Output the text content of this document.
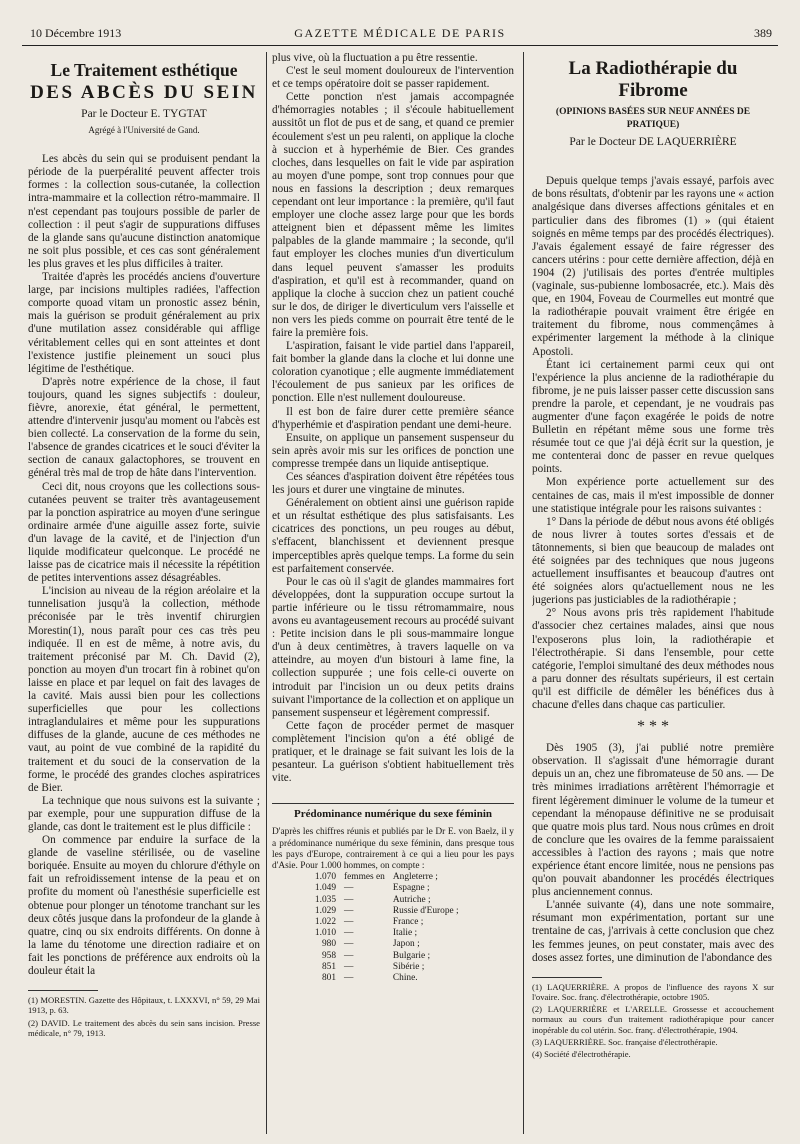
10 Décembre 1913	GAZETTE MÉDICALE DE PARIS	389
Le Traitement esthétique
DES ABCÈS DU SEIN
Par le Docteur E. TYGTAT
Agrégé à l'Université de Gand.

Les abcès du sein qui se produisent pendant la période de la puerpéralité peuvent affecter trois formes : la collection sous-cutanée, la collection intra-mammaire et la collection rétro-mammaire. Il n'est cependant pas toujours possible de parler de collection : il peut s'agir de suppurations diffuses de la glande sans qu'aucune distinction anatomique ne soit plus possible, et ces cas sont généralement les plus graves et les plus difficiles à traiter.

Traitée d'après les procédés anciens d'ouverture large, par incisions multiples radiées, l'affection comporte quoad vitam un pronostic assez bénin, mais la guérison se produit généralement au prix d'une mutilation assez considérable qui afflige véritablement celles qui en sont atteintes et dont l'existence justifie pleinement un souci plus légitime de l'esthétique.

D'après notre expérience de la chose, il faut toujours, quand les signes subjectifs : douleur, fièvre, anorexie, état général, le permettent, attendre d'intervenir jusqu'au moment ou l'abcès est bien collecté. La conservation de la forme du sein, l'absence de grandes cicatrices et le souci d'éviter la section de canaux galactophores, se trouvent en général très mal de trop de hâte dans l'intervention.

Ceci dit, nous croyons que les collections sous-cutanées peuvent se traiter très avantageusement par la ponction aspiratrice au moyen d'une seringue ordinaire armée d'une aiguille assez forte, suivie d'un lavage de la cavité, et de l'injection d'un liquide modificateur quelconque. Le procédé ne laisse pas de cicatrice mais il nécessite la répétition de petites interventions assez désagréables.

L'incision au niveau de la région aréolaire et la tunnelisation jusqu'à la collection, méthode préconisée par le très inventif chirurgien Morestin(1), nous paraît pour ces cas très peu indiquée. Il en est de même, à notre avis, du traitement préconisé par M. Ch. David (2), ponction au moyen d'un trocart fin à robinet qu'on laisse en place et par lequel on fait des lavages de la cavité. Mais aussi bien pour les collections superficielles que pour les collections intraglandulaires et même pour les suppurations diffuses de la glande, aucune de ces méthodes ne vaut, au point de vue combiné de la rapidité du traitement et du souci de la conservation de la forme, le procédé des grandes cloches aspiratrices de Bier.

La technique que nous suivons est la suivante ; par exemple, pour une suppuration diffuse de la glande, cas dont le traitement est le plus difficile :

On commence par enduire la surface de la glande de vaseline stérilisée, ou de vaseline boriquée. Ensuite au moyen du chlorure d'éthyle on fait un refroidissement intense de la peau et on profite du moment où l'anesthésie superficielle est obtenue pour plonger un ténotome tranchant sur les deux côtés jusque dans la profondeur de la glande à quatre, cinq ou six endroits différents. On donne à la lame du ténotome une direction radiaire et on fait les ponctions de préférence aux endroits où la douleur était la

(1) MORESTIN. Gazette des Hôpitaux, t. LXXXVI, n° 59, 29 Mai 1913, p. 63.
(2) DAVID. Le traitement des abcès du sein sans incision. Presse médicale, n° 79, 1913.

plus vive, où la fluctuation a pu être ressentie.

C'est le seul moment douloureux de l'intervention et ce temps opératoire doit se passer rapidement.

Cette ponction n'est jamais accompagnée d'hémorragies notables ; il s'écoule habituellement aussitôt un flot de pus et de sang, et quand ce premier écoulement s'est un peu ralenti, on applique la cloche à succion et à hyperhémie de Bier. Ces grandes cloches, dans lesquelles on fait le vide par aspiration au moyen d'une pompe, sont trop connues pour que nous en fassions la description ; deux remarques cependant ont leur importance : la première, qu'il faut employer une cloche assez large pour que les bords atteignent bien et dépassent même les limites palpables de la glande mammaire ; la seconde, qu'il faut employer les cloches munies d'un diverticulum dans lequel peuvent s'amasser les produits d'aspiration, et qu'il est à recommander, quand on applique la cloche à succion chez un patient couché sur le dos, de diriger le diverticulum vers l'aisselle et non vers les pieds comme on pourrait être tenté de le faire la première fois.

L'aspiration, faisant le vide partiel dans l'appareil, fait bomber la glande dans la cloche et lui donne une coloration cyanotique ; elle augmente immédiatement l'écoulement de pus sanieux par les orifices de ponction. Elle n'est nullement douloureuse.

Il est bon de faire durer cette première séance d'hyperhémie et d'aspiration pendant une demi-heure.

Ensuite, on applique un pansement suspenseur du sein après avoir mis sur les orifices de ponction une compresse trempée dans un liquide antiseptique.

Ces séances d'aspiration doivent être répétées tous les jours et durer une vingtaine de minutes.

Généralement on obtient ainsi une guérison rapide et un résultat esthétique des plus satisfaisants. Les cicatrices des ponctions, un peu rouges au début, s'effacent, blanchissent et deviennent presque imperceptibles après quelque temps. La forme du sein est parfaitement conservée.

Pour le cas où il s'agit de glandes mammaires fort développées, dont la suppuration occupe surtout la partie inférieure ou le tissu rétromammaire, nous avons eu avantageusement recours au procédé suivant : Petite incision dans le pli sous-mammaire longue d'un à deux centimètres, à travers laquelle on va atteindre, au moyen d'un bistouri à lame fine, la collection suppurée ; une fois celle-ci ouverte on introduit par l'incision un ou deux petits drains suivant l'importance de la collection et on applique un pansement suspenseur et légèrement compressif.

Cette façon de procéder permet de masquer complètement l'incision qu'on a été obligé de pratiquer, et le drainage se fait suivant les lois de la pesanteur. La guérison s'obtient habituellement très vite.

Prédominance numérique du sexe féminin
D'après les chiffres réunis et publiés par le Dr E. von Baelz, il y a prédominance numérique du sexe féminin, dans presque tous les pays d'Europe, contrairement à ce qui a lieu pour les pays d'Asie. Pour 1.000 hommes, on compte :
1.070	femmes en	Angleterre ;
1.049	—	Espagne ;
1.035	—	Autriche ;
1.029	—	Russie d'Europe ;
1.022	—	France ;
1.010	—	Italie ;
980	—	Japon ;
958	—	Bulgarie ;
851	—	Sibérie ;
801	—	Chine.
La Radiothérapie du Fibrome
(OPINIONS BASÉES SUR NEUF ANNÉES DE PRATIQUE)
Par le Docteur DE LAQUERRIÈRE

Depuis quelque temps j'avais essayé, parfois avec de bons résultats, d'obtenir par les rayons une « action analgésique dans diverses affections génitales et en particulier dans des fibromes (1) » (qui étaient soignés en même temps par des procédés électriques). J'avais également essayé de faire régresser des cancers utérins : pour cette dernière affection, déjà en 1904 (2) j'utilisais des portes d'entrée multiples (vaginale, sus-pubienne lombosacrée, etc.). Mais dès que, en 1904, Foveau de Courmelles eut montré que la radiothérapie pouvait vraiment être érigée en traitement du fibrome, nous commençâmes à expérimenter largement la méthode à la clinique Apostoli.

Étant ici certainement parmi ceux qui ont l'expérience la plus ancienne de la radiothérapie du fibrome, je ne puis laisser passer cette discussion sans prendre la parole, et cependant, je ne voudrais pas augmenter d'une façon exagérée le poids de notre Bulletin en répétant même sous une forme très résumée tout ce que j'ai déjà écrit sur la question, je me contenterai donc de passer en revue quelques points.

Mon expérience porte actuellement sur des centaines de cas, mais il m'est impossible de donner une statistique intégrale pour les raisons suivantes :

1° Dans la période de début nous avons été obligés de nous livrer à toutes sortes d'essais et de tâtonnements, si bien que beaucoup de malades ont été soignées par des techniques que nous jugeons actuellement insuffisantes et beaucoup d'autres ont été soignées alors qu'actuellement nous ne les jugerions pas justiciables de la radiothérapie ;

2° Nous avons pris très rapidement l'habitude d'associer chez certaines malades, ainsi que nous l'exposerons plus loin, la radiothérapie et l'électrothérapie. Si dans l'ensemble, pour cette catégorie, l'emploi simultané des deux méthodes nous a paru donner des résultats supérieurs, il est certain qu'il est difficile de démêler les bénéfices dus à chacune d'elles dans chaque cas particulier.

* * *

Dès 1905 (3), j'ai publié notre première observation. Il s'agissait d'une hémorragie durant depuis un an, chez une fibromateuse de 50 ans. — De très minimes irradiations arrêtèrent l'hémorragie et firent légèrement diminuer le volume de la tumeur et cependant la ménopause définitive ne se produisait que quatre mois plus tard. Nous nous crûmes en droit de conclure que les ovaires de la femme paraissaient accessibles à l'action des rayons ; mais que notre expérience étant encore limitée, nous ne pensions pas qu'on pouvait abandonner les procédés électriques plus anciennement connus.

L'année suivante (4), dans une note sommaire, résumant mon expérimentation, portant sur une trentaine de cas, j'arrivais à cette conclusion que chez les femmes jeunes, on peut constater, mais avec des doses assez fortes, une diminution de l'abondance des

(1) LAQUERRIÈRE. A propos de l'influence des rayons X sur l'ovaire. Soc. franç. d'électrothérapie, octobre 1905.
(2) LAQUERRIÈRE et L'ARELLE. Grossesse et accouchement normaux au cours d'un traitement radiothérapique pour cancer inopérable du col utérin. Soc. franç. d'électrothérapie, 1904.
(3) LAQUERRIÈRE. Soc. française d'électrothérapie.
(4) Société d'électrothérapie.
